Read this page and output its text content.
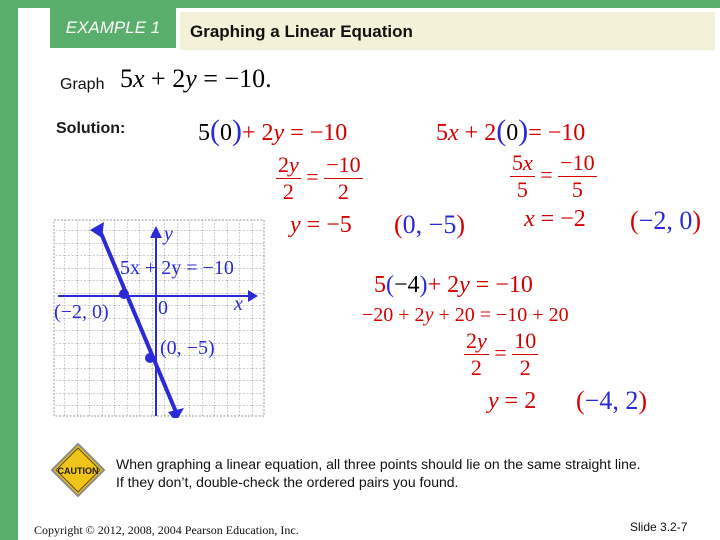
EXAMPLE 1	Graphing a Linear Equation
Graph 5x + 2y = −10.
Solution:	5(0)+ 2y = −10
$\frac{2y}{2} = \frac{-10}{2}$
y = −5 (0, −5)
5x + 2(0)= −10
$\frac{5x}{5} = \frac{-10}{5}$
x = −2 (−2, 0)
5(−4)+ 2y = −10
−20 + 2y + 20 = −10 + 20
$\frac{2y}{2} = \frac{10}{2}$
y = 2 (−4, 2)
y
x
5x + 2y = −10
0
(−2, 0)
(0, −5)
CAUTION When graphing a linear equation, all three points should lie on the same straight line. If they don’t, double-check the ordered pairs you found.
Copyright © 2012, 2008, 2004 Pearson Education, Inc.	Slide 3.2-7
